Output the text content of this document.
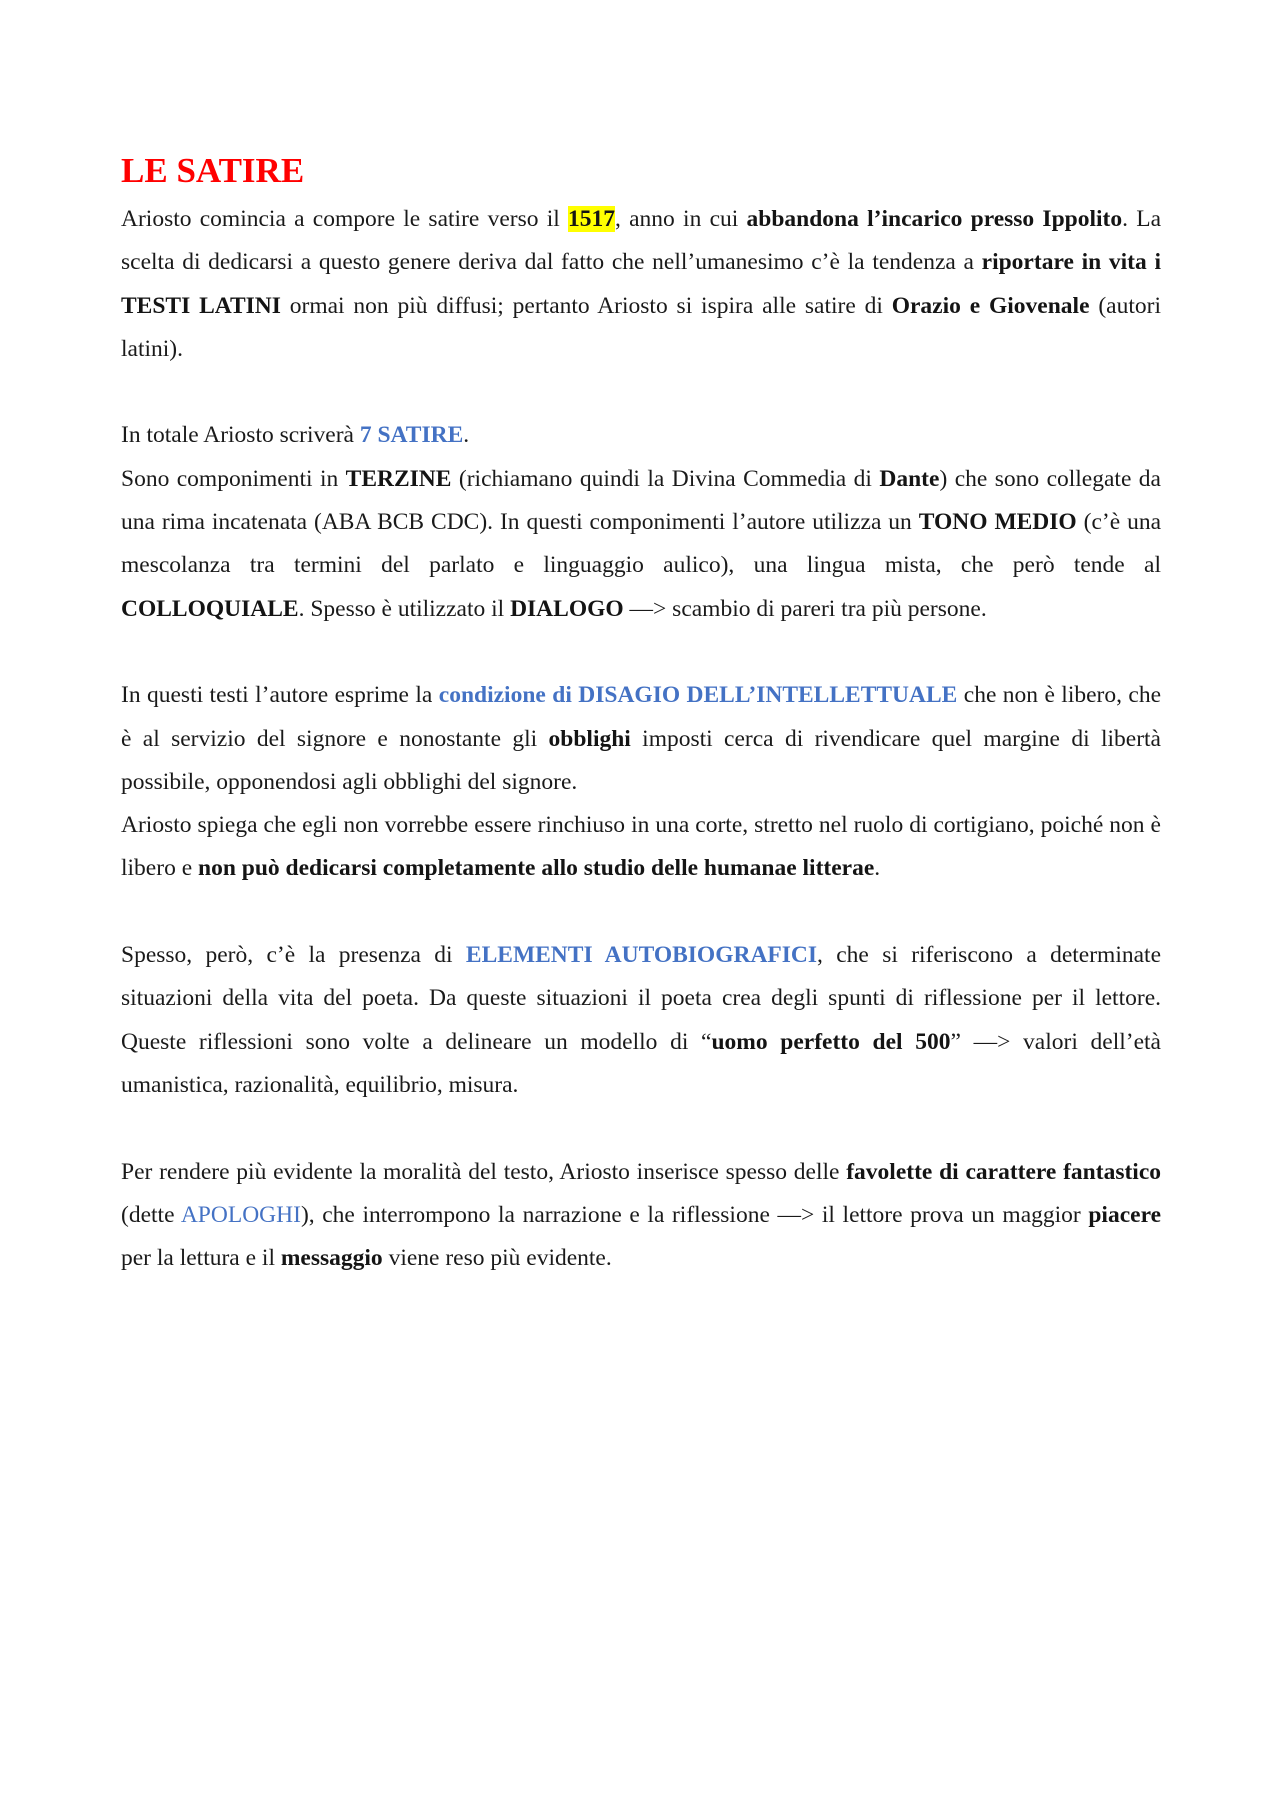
LE SATIRE

Ariosto comincia a compore le satire verso il 1517, anno in cui abbandona l’incarico presso Ippolito. La scelta di dedicarsi a questo genere deriva dal fatto che nell’umanesimo c’è la tendenza a riportare in vita i TESTI LATINI ormai non più diffusi; pertanto Ariosto si ispira alle satire di Orazio e Giovenale (autori latini).

In totale Ariosto scriverà 7 SATIRE.

Sono componimenti in TERZINE (richiamano quindi la Divina Commedia di Dante) che sono collegate da una rima incatenata (ABA BCB CDC). In questi componimenti l’autore utilizza un TONO MEDIO (c’è una mescolanza tra termini del parlato e linguaggio aulico), una lingua mista, che però tende al COLLOQUIALE. Spesso è utilizzato il DIALOGO —> scambio di pareri tra più persone.

In questi testi l’autore esprime la condizione di DISAGIO DELL’INTELLETTUALE che non è libero, che è al servizio del signore e nonostante gli obblighi imposti cerca di rivendicare quel margine di libertà possibile, opponendosi agli obblighi del signore.

Ariosto spiega che egli non vorrebbe essere rinchiuso in una corte, stretto nel ruolo di cortigiano, poiché non è libero e non può dedicarsi completamente allo studio delle humanae litterae.

Spesso, però, c’è la presenza di ELEMENTI AUTOBIOGRAFICI, che si riferiscono a determinate situazioni della vita del poeta. Da queste situazioni il poeta crea degli spunti di riflessione per il lettore. Queste riflessioni sono volte a delineare un modello di “uomo perfetto del 500” —> valori dell’età umanistica, razionalità, equilibrio, misura.

Per rendere più evidente la moralità del testo, Ariosto inserisce spesso delle favolette di carattere fantastico (dette APOLOGHI), che interrompono la narrazione e la riflessione —> il lettore prova un maggior piacere per la lettura e il messaggio viene reso più evidente.
